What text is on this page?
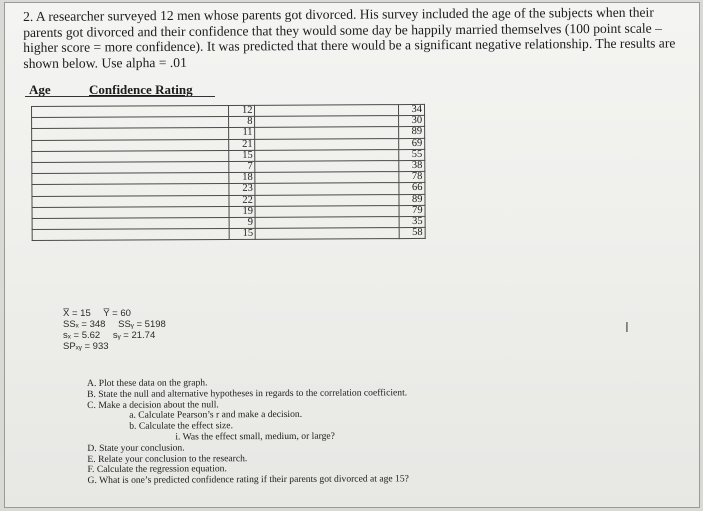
2. A researcher surveyed 12 men whose parents got divorced. His survey included the age of the subjects when their parents got divorced and their confidence that they would some day be happily married themselves (100 point scale – higher score = more confidence). It was predicted that there would be a significant negative relationship. The results are shown below. Use alpha = .01
Age	Confidence Rating
	12		34
	8		30
	11		89
	21		69
	15		55
	7		38
	18		78
	23		66
	22		89
	19		79
	9		35
	15		58
X̅ = 15 Y̅ = 60
SSₓ = 348 SSᵧ = 5198
sₓ = 5.62 sᵧ = 21.74
SPₓᵧ = 933
I
A. Plot these data on the graph.
B. State the null and alternative hypotheses in regards to the correlation coefficient.
C. Make a decision about the null.
a. Calculate Pearson’s r and make a decision.
b. Calculate the effect size.
i. Was the effect small, medium, or large?
D. State your conclusion.
E. Relate your conclusion to the research.
F. Calculate the regression equation.
G. What is one’s predicted confidence rating if their parents got divorced at age 15?
